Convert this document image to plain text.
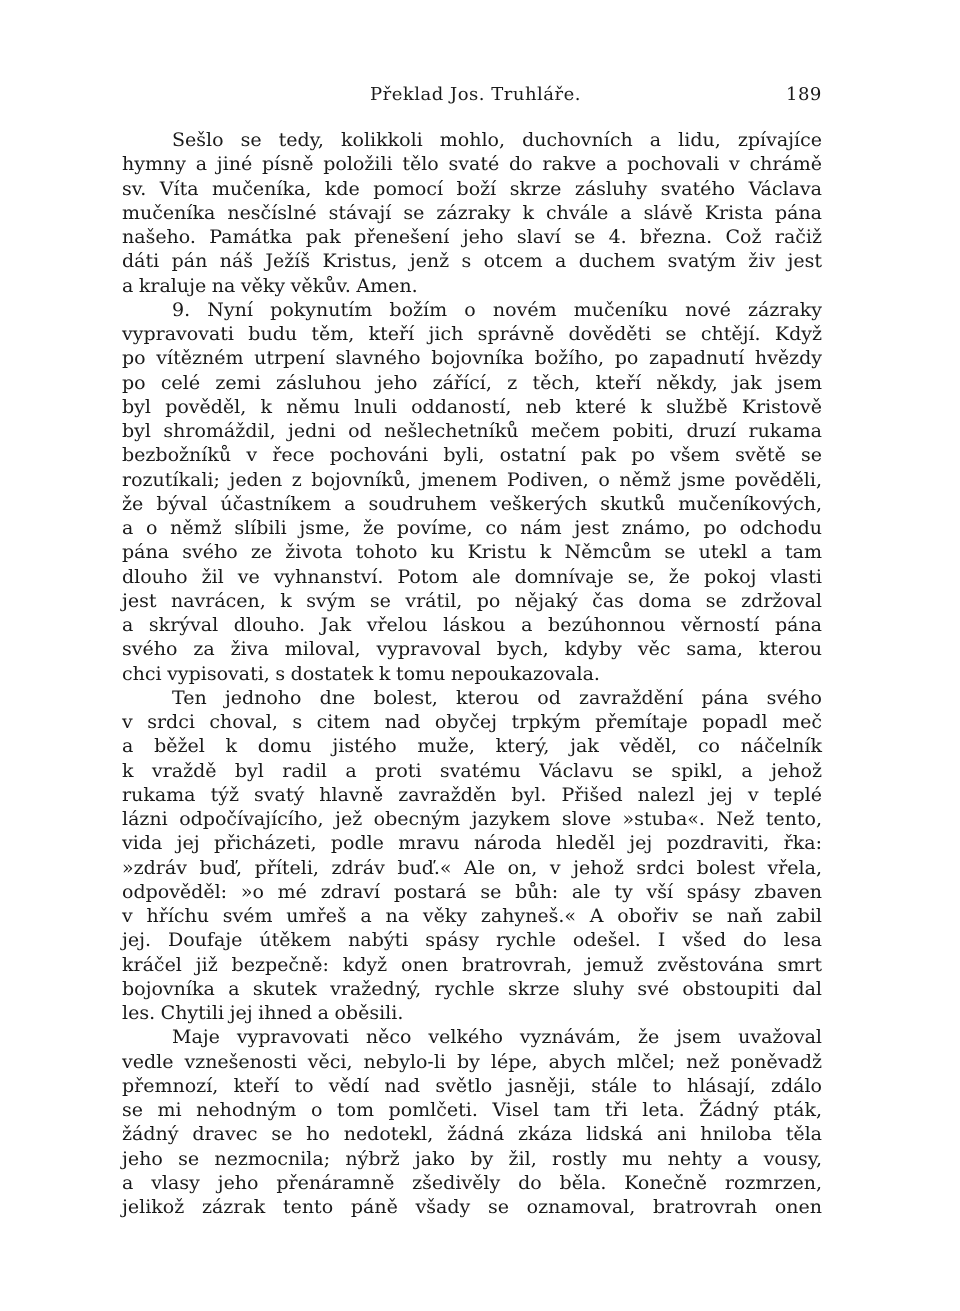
Překlad Jos. Truhláře.	189
Sešlo se tedy, kolikkoli mohlo, duchovních a lidu, zpívajíce
hymny a jiné písně položili tělo svaté do rakve a pochovali v chrámě
sv. Víta mučeníka, kde pomocí boží skrze zásluhy svatého Václava
mučeníka nesčíslné stávají se zázraky k chvále a slávě Krista pána
našeho. Památka pak přenešení jeho slaví se 4. března. Což račiž
dáti pán náš Ježíš Kristus, jenž s otcem a duchem svatým živ jest
a kraluje na věky věkův. Amen.
9. Nyní pokynutím božím o novém mučeníku nové zázraky
vypravovati budu těm, kteří jich správně dověděti se chtějí. Když
po vítězném utrpení slavného bojovníka božího, po zapadnutí hvězdy
po celé zemi zásluhou jeho zářící, z těch, kteří někdy, jak jsem
byl pověděl, k němu lnuli oddaností, neb které k službě Kristově
byl shromáždil, jedni od nešlechetníků mečem pobiti, druzí rukama
bezbožníků v řece pochováni byli, ostatní pak po všem světě se
rozutíkali; jeden z bojovníků, jmenem Podiven, o němž jsme pověděli,
že býval účastníkem a soudruhem veškerých skutků mučeníkových,
a o němž slíbili jsme, že povíme, co nám jest známo, po odchodu
pána svého ze života tohoto ku Kristu k Němcům se utekl a tam
dlouho žil ve vyhnanství. Potom ale domnívaje se, že pokoj vlasti
jest navrácen, k svým se vrátil, po nějaký čas doma se zdržoval
a skrýval dlouho. Jak vřelou láskou a bezúhonnou věrností pána
svého za živa miloval, vypravoval bych, kdyby věc sama, kterou
chci vypisovati, s dostatek k tomu nepoukazovala.
Ten jednoho dne bolest, kterou od zavraždění pána svého
v srdci choval, s citem nad obyčej trpkým přemítaje popadl meč
a běžel k domu jistého muže, který, jak věděl, co náčelník
k vraždě byl radil a proti svatému Václavu se spikl, a jehož
rukama týž svatý hlavně zavražděn byl. Přišed nalezl jej v teplé
lázni odpočívajícího, jež obecným jazykem slove »stuba«. Než tento,
vida jej přicházeti, podle mravu národa hleděl jej pozdraviti, řka:
»zdráv buď, příteli, zdráv buď.« Ale on, v jehož srdci bolest vřela,
odpověděl: »o mé zdraví postará se bůh: ale ty vší spásy zbaven
v hříchu svém umřeš a na věky zahyneš.« A obořiv se naň zabil
jej. Doufaje útěkem nabýti spásy rychle odešel. I všed do lesa
kráčel již bezpečně: když onen bratrovrah, jemuž zvěstována smrt
bojovníka a skutek vražedný, rychle skrze sluhy své obstoupiti dal
les. Chytili jej ihned a oběsili.
Maje vypravovati něco velkého vyznávám, že jsem uvažoval
vedle vznešenosti věci, nebylo-li by lépe, abych mlčel; než poněvadž
přemnozí, kteří to vědí nad světlo jasněji, stále to hlásají, zdálo
se mi nehodným o tom pomlčeti. Visel tam tři leta. Žádný pták,
žádný dravec se ho nedotekl, žádná zkáza lidská ani hniloba těla
jeho se nezmocnila; nýbrž jako by žil, rostly mu nehty a vousy,
a vlasy jeho přenáramně zšedivěly do běla. Konečně rozmrzen,
jelikož zázrak tento páně všady se oznamoval, bratrovrah onen
